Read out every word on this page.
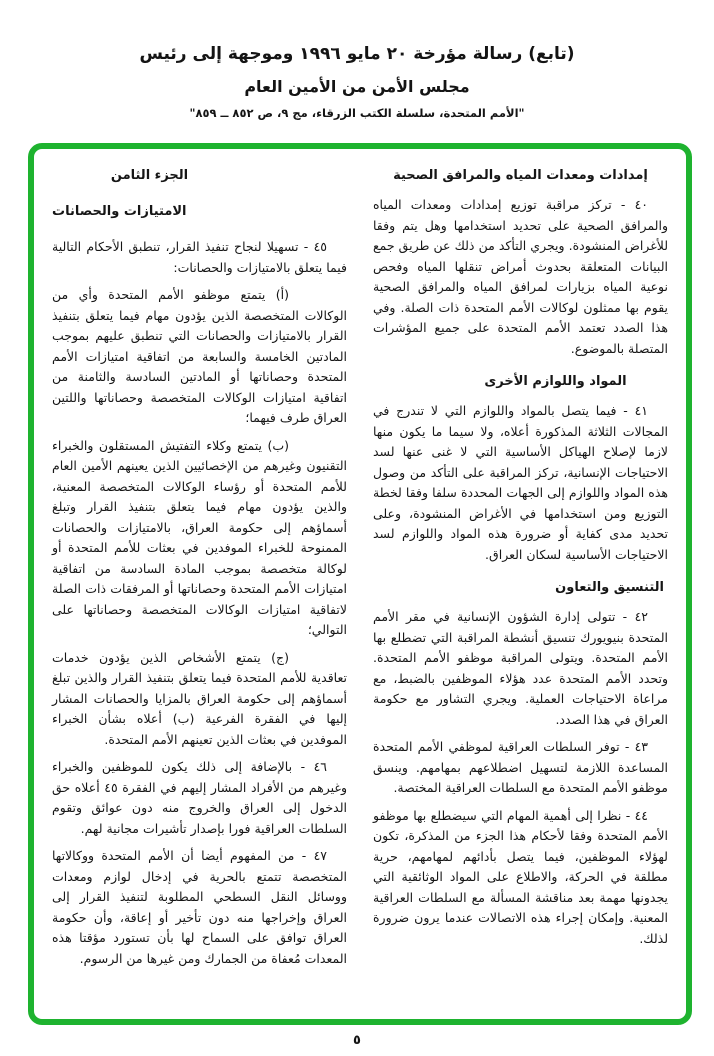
(تابع) رسالة مؤرخة ٢٠ مايو ١٩٩٦ وموجهة إلى رئيس
مجلس الأمن من الأمين العام
"الأمم المتحدة، سلسلة الكتب الزرقاء، مج ٩، ص ٨٥٢ ــ ٨٥٩"
إمدادات ومعدات المياه والمرافق الصحية

٤٠ - تركز مراقبة توزيع إمدادات ومعدات المياه والمرافق الصحية على تحديد استخدامها وهل يتم وفقا للأغراض المنشودة. ويجري التأكد من ذلك عن طريق جمع البيانات المتعلقة بحدوث أمراض تنقلها المياه وفحص نوعية المياه بزيارات لمرافق المياه والمرافق الصحية يقوم بها ممثلون لوكالات الأمم المتحدة ذات الصلة. وفي هذا الصدد تعتمد الأمم المتحدة على جميع المؤشرات المتصلة بالموضوع.

المواد واللوازم الأخرى

٤١ - فيما يتصل بالمواد واللوازم التي لا تندرج في المجالات الثلاثة المذكورة أعلاه، ولا سيما ما يكون منها لازما لإصلاح الهياكل الأساسية التي لا غنى عنها لسد الاحتياجات الإنسانية، تركز المراقبة على التأكد من وصول هذه المواد واللوازم إلى الجهات المحددة سلفا وفقا لخطة التوزيع ومن استخدامها في الأغراض المنشودة، وعلى تحديد مدى كفاية أو ضرورة هذه المواد واللوازم لسد الاحتياجات الأساسية لسكان العراق.

التنسيق والتعاون

٤٢ - تتولى إدارة الشؤون الإنسانية في مقر الأمم المتحدة بنيويورك تنسيق أنشطة المراقبة التي تضطلع بها الأمم المتحدة. ويتولى المراقبة موظفو الأمم المتحدة. وتحدد الأمم المتحدة عدد هؤلاء الموظفين بالضبط، مع مراعاة الاحتياجات العملية. ويجري التشاور مع حكومة العراق في هذا الصدد.

٤٣ - توفر السلطات العراقية لموظفي الأمم المتحدة المساعدة اللازمة لتسهيل اضطلاعهم بمهامهم. وينسق موظفو الأمم المتحدة مع السلطات العراقية المختصة.

٤٤ - نظرا إلى أهمية المهام التي سيضطلع بها موظفو الأمم المتحدة وفقا لأحكام هذا الجزء من المذكرة، تكون لهؤلاء الموظفين، فيما يتصل بأدائهم لمهامهم، حرية مطلقة في الحركة، والاطلاع على المواد الوثائقية التي يجدونها مهمة بعد مناقشة المسألة مع السلطات العراقية المعنية. وإمكان إجراء هذه الاتصالات عندما يرون ضرورة لذلك.

الجزء الثامن
الامتيازات والحصانات

٤٥ - تسهيلا لنجاح تنفيذ القرار، تنطبق الأحكام التالية فيما يتعلق بالامتيازات والحصانات:

(أ) يتمتع موظفو الأمم المتحدة وأي من الوكالات المتخصصة الذين يؤدون مهام فيما يتعلق بتنفيذ القرار بالامتيازات والحصانات التي تنطبق عليهم بموجب المادتين الخامسة والسابعة من اتفاقية امتيازات الأمم المتحدة وحصاناتها أو المادتين السادسة والثامنة من اتفاقية امتيازات الوكالات المتخصصة وحصاناتها واللتين العراق طرف فيهما؛

(ب) يتمتع وكلاء التفتيش المستقلون والخبراء التقنيون وغيرهم من الإخصائيين الذين يعينهم الأمين العام للأمم المتحدة أو رؤساء الوكالات المتخصصة المعنية، والذين يؤدون مهام فيما يتعلق بتنفيذ القرار وتبلغ أسماؤهم إلى حكومة العراق، بالامتيازات والحصانات الممنوحة للخبراء الموفدين في بعثات للأمم المتحدة أو لوكالة متخصصة بموجب المادة السادسة من اتفاقية امتيازات الأمم المتحدة وحصاناتها أو المرفقات ذات الصلة لاتفاقية امتيازات الوكالات المتخصصة وحصاناتها على التوالي؛

(ج) يتمتع الأشخاص الذين يؤدون خدمات تعاقدية للأمم المتحدة فيما يتعلق بتنفيذ القرار والذين تبلغ أسماؤهم إلى حكومة العراق بالمزايا والحصانات المشار إليها في الفقرة الفرعية (ب) أعلاه بشأن الخبراء الموفدين في بعثات الذين تعينهم الأمم المتحدة.

٤٦ - بالإضافة إلى ذلك يكون للموظفين والخبراء وغيرهم من الأفراد المشار إليهم في الفقرة ٤٥ أعلاه حق الدخول إلى العراق والخروج منه دون عوائق وتقوم السلطات العراقية فورا بإصدار تأشيرات مجانية لهم.

٤٧ - من المفهوم أيضا أن الأمم المتحدة ووكالاتها المتخصصة تتمتع بالحرية في إدخال لوازم ومعدات ووسائل النقل السطحي المطلوبة لتنفيذ القرار إلى العراق وإخراجها منه دون تأخير أو إعاقة، وأن حكومة العراق توافق على السماح لها بأن تستورد مؤقتا هذه المعدات مُعفاة من الجمارك ومن غيرها من الرسوم.

٥
